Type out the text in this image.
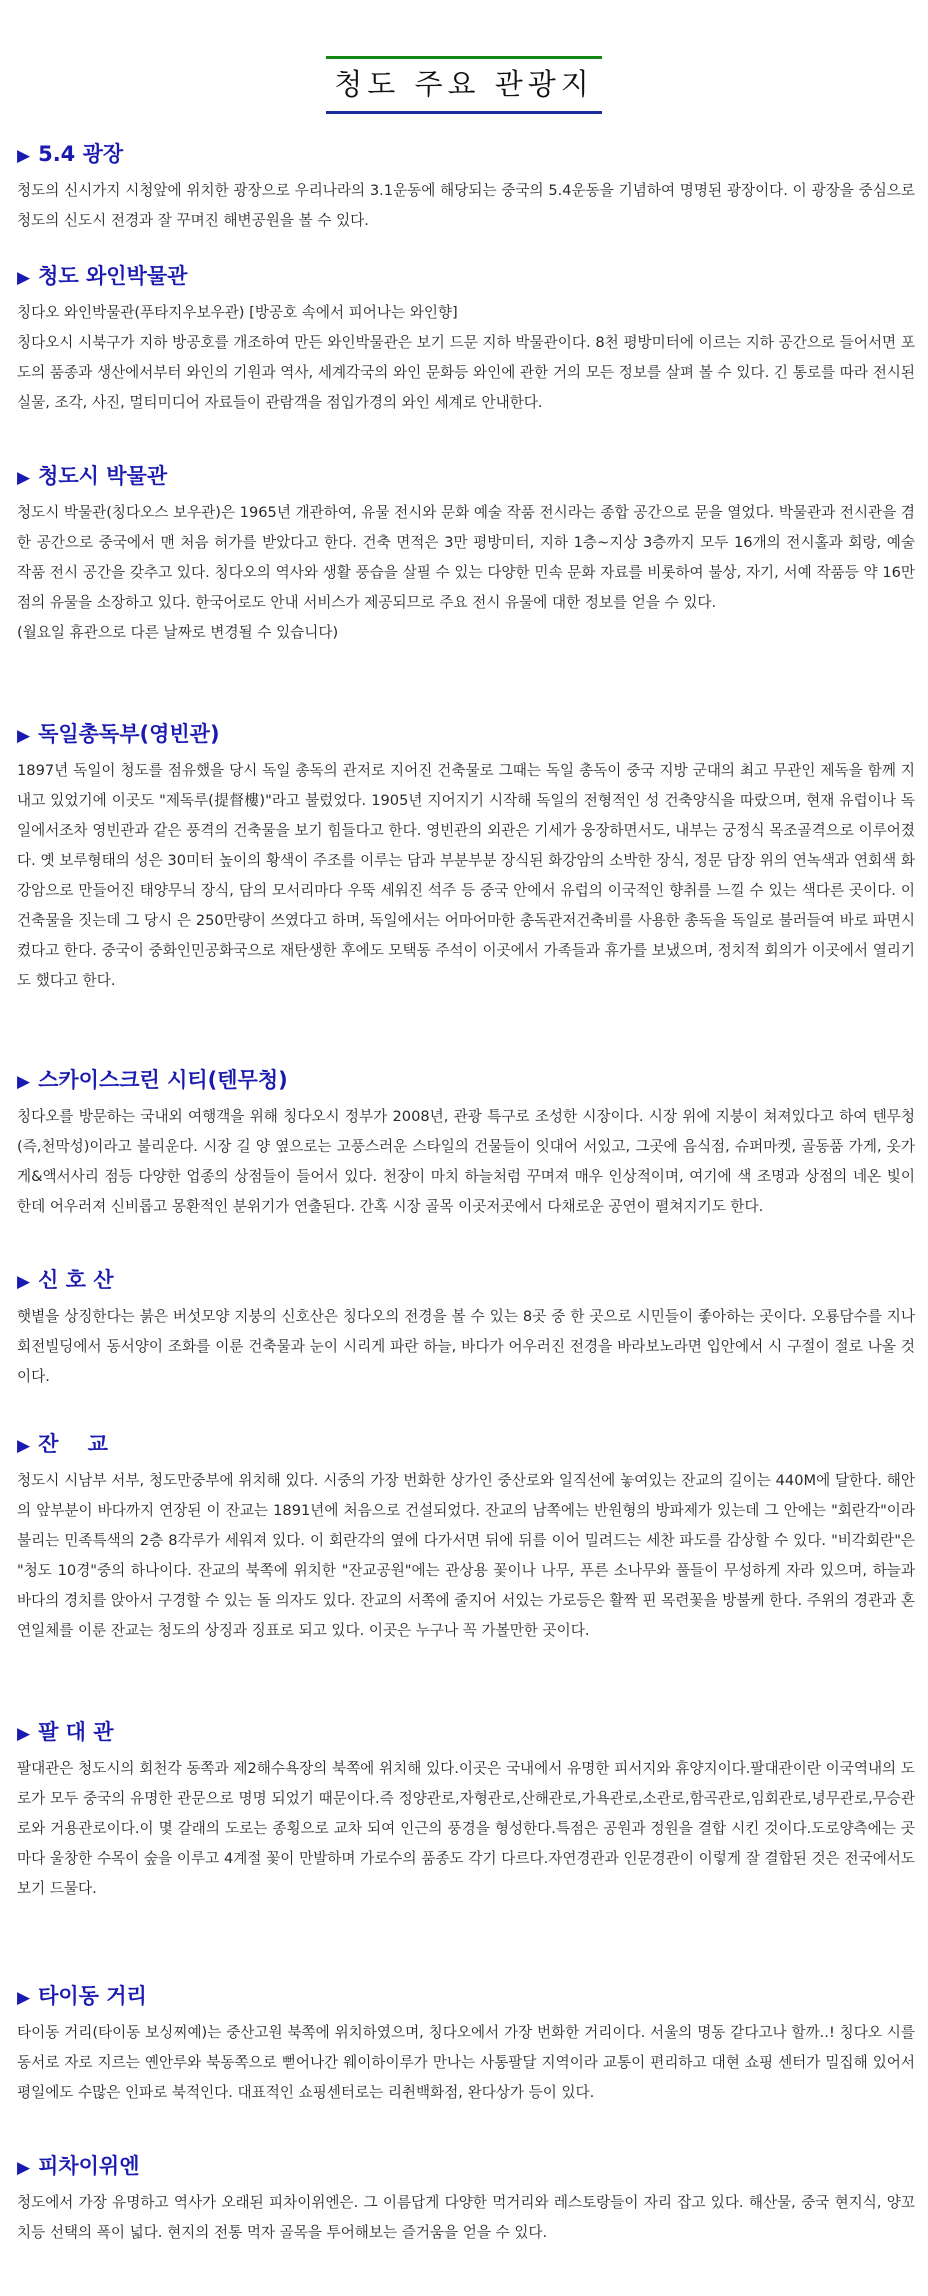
청도 주요 관광지
▶ 5.4 광장

청도의 신시가지 시청앞에 위치한 광장으로 우리나라의 3.1운동에 해당되는 중국의 5.4운동을 기념하여 명명된 광장이다. 이 광장을 중심으로 청도의 신도시 전경과 잘 꾸며진 해변공원을 볼 수 있다.

▶ 청도 와인박물관

칭다오 와인박물관(푸타지우보우관) [방공호 속에서 피어나는 와인향]

칭다오시 시북구가 지하 방공호를 개조하여 만든 와인박물관은 보기 드문 지하 박물관이다. 8천 평방미터에 이르는 지하 공간으로 들어서면 포도의 품종과 생산에서부터 와인의 기원과 역사, 세계각국의 와인 문화등 와인에 관한 거의 모든 정보를 살펴 볼 수 있다. 긴 통로를 따라 전시된 실물, 조각, 사진, 멀티미디어 자료들이 관람객을 점입가경의 와인 세계로 안내한다.

▶ 청도시 박물관

청도시 박물관(칭다오스 보우관)은 1965년 개관하여, 유물 전시와 문화 예술 작품 전시라는 종합 공간으로 문을 열었다. 박물관과 전시관을 겸한 공간으로 중국에서 맨 처음 허가를 받았다고 한다. 건축 면적은 3만 평방미터, 지하 1층~지상 3층까지 모두 16개의 전시홀과 회랑, 예술 작품 전시 공간을 갖추고 있다. 칭다오의 역사와 생활 풍습을 살필 수 있는 다양한 민속 문화 자료를 비롯하여 불상, 자기, 서예 작품등 약 16만 점의 유물을 소장하고 있다. 한국어로도 안내 서비스가 제공되므로 주요 전시 유물에 대한 정보를 얻을 수 있다.

(월요일 휴관으로 다른 날짜로 변경될 수 있습니다)

▶ 독일총독부(영빈관)

1897년 독일이 청도를 점유했을 당시 독일 총독의 관저로 지어진 건축물로 그때는 독일 총독이 중국 지방 군대의 최고 무관인 제독을 함께 지내고 있었기에 이곳도 "제독루(提督樓)"라고 불렀었다. 1905년 지어지기 시작해 독일의 전형적인 성 건축양식을 따랐으며, 현재 유럽이나 독일에서조차 영빈관과 같은 풍격의 건축물을 보기 힘들다고 한다. 영빈관의 외관은 기세가 웅장하면서도, 내부는 궁정식 목조골격으로 이루어졌다. 옛 보루형태의 성은 30미터 높이의 황색이 주조를 이루는 담과 부분부분 장식된 화강암의 소박한 장식, 정문 담장 위의 연녹색과 연회색 화강암으로 만들어진 태양무늬 장식, 담의 모서리마다 우뚝 세워진 석주 등 중국 안에서 유럽의 이국적인 향취를 느낄 수 있는 색다른 곳이다. 이 건축물을 짓는데 그 당시 은 250만량이 쓰였다고 하며, 독일에서는 어마어마한 총독관저건축비를 사용한 총독을 독일로 불러들여 바로 파면시켰다고 한다. 중국이 중화인민공화국으로 재탄생한 후에도 모택동 주석이 이곳에서 가족들과 휴가를 보냈으며, 정치적 회의가 이곳에서 열리기도 했다고 한다.

▶ 스카이스크린 시티(텐무청)

칭다오를 방문하는 국내외 여행객을 위해 칭다오시 정부가 2008년, 관광 특구로 조성한 시장이다. 시장 위에 지붕이 쳐져있다고 하여 텐무청(즉,천막성)이라고 불리운다. 시장 길 양 옆으로는 고풍스러운 스타일의 건물들이 잇대어 서있고, 그곳에 음식점, 슈퍼마켓, 골동품 가게, 옷가게&액서사리 점등 다양한 업종의 상점들이 들어서 있다. 천장이 마치 하늘처럼 꾸며져 매우 인상적이며, 여기에 색 조명과 상점의 네온 빛이 한데 어우러져 신비롭고 몽환적인 분위기가 연출된다. 간혹 시장 골목 이곳저곳에서 다채로운 공연이 펼쳐지기도 한다.

▶ 신 호 산

햇볕을 상징한다는 붉은 버섯모양 지붕의 신호산은 칭다오의 전경을 볼 수 있는 8곳 중 한 곳으로 시민들이 좋아하는 곳이다. 오룡담수를 지나 회전빌딩에서 동서양이 조화를 이룬 건축물과 눈이 시리게 파란 하늘, 바다가 어우러진 전경을 바라보노라면 입안에서 시 구절이 절로 나올 것이다.

▶ 잔    교

청도시 시남부 서부, 청도만중부에 위치해 있다. 시중의 가장 번화한 상가인 중산로와 일직선에 놓여있는 잔교의 길이는 440M에 달한다. 해안의 앞부분이 바다까지 연장된 이 잔교는 1891년에 처음으로 건설되었다. 잔교의 남쪽에는 반원형의 방파제가 있는데 그 안에는 "회란각"이라 불리는 민족특색의 2층 8각루가 세워져 있다. 이 회란각의 옆에 다가서면 뒤에 뒤를 이어 밀려드는 세찬 파도를 감상할 수 있다. "비각회란"은 "청도 10경"중의 하나이다. 잔교의 북쪽에 위치한 "잔교공원"에는 관상용 꽃이나 나무, 푸른 소나무와 풀들이 무성하게 자라 있으며, 하늘과 바다의 경치를 앉아서 구경할 수 있는 돌 의자도 있다. 잔교의 서쪽에 줄지어 서있는 가로등은 활짝 핀 목련꽃을 방불케 한다. 주위의 경관과 혼연일체를 이룬 잔교는 청도의 상징과 징표로 되고 있다. 이곳은 누구나 꼭 가볼만한 곳이다.

▶ 팔 대 관

팔대관은 청도시의 회천각 동쪽과 제2해수욕장의 북쪽에 위치해 있다.이곳은 국내에서 유명한 피서지와 휴양지이다.팔대관이란 이국역내의 도로가 모두 중국의 유명한 관문으로 명명 되었기 때문이다.즉 정양관로,자형관로,산해관로,가욕관로,소관로,함곡관로,임회관로,녕무관로,무승관로와 거용관로이다.이 몇 갈래의 도로는 종횡으로 교차 되여 인근의 풍경을 형성한다.특점은 공원과 정원을 결합 시킨 것이다.도로양측에는 곳마다 울창한 수목이 숲을 이루고 4계절 꽃이 만발하며 가로수의 품종도 각기 다르다.자연경관과 인문경관이 이렇게 잘 결합된 것은 전국에서도 보기 드물다.

▶ 타이동 거리

타이동 거리(타이동 보싱찌예)는 중산고원 북쪽에 위치하였으며, 칭다오에서 가장 번화한 거리이다. 서울의 명동 같다고나 할까..! 칭다오 시를 동서로 자로 지르는 옌안루와 북동쪽으로 뻗어나간 웨이하이루가 만나는 사통팔달 지역이라 교통이 편리하고 대현 쇼핑 센터가 밀집해 있어서 평일에도 수많은 인파로 북적인다. 대표적인 쇼핑센터로는 리췬백화점, 완다상가 등이 있다.

▶ 피차이위엔

청도에서 가장 유명하고 역사가 오래된 피차이위엔은. 그 이름답게 다양한 먹거리와 레스토랑들이 자리 잡고 있다. 해산물, 중국 현지식, 양꼬치등 선택의 폭이 넓다. 현지의 전통 먹자 골목을 투어해보는 즐거움을 얻을 수 있다.
